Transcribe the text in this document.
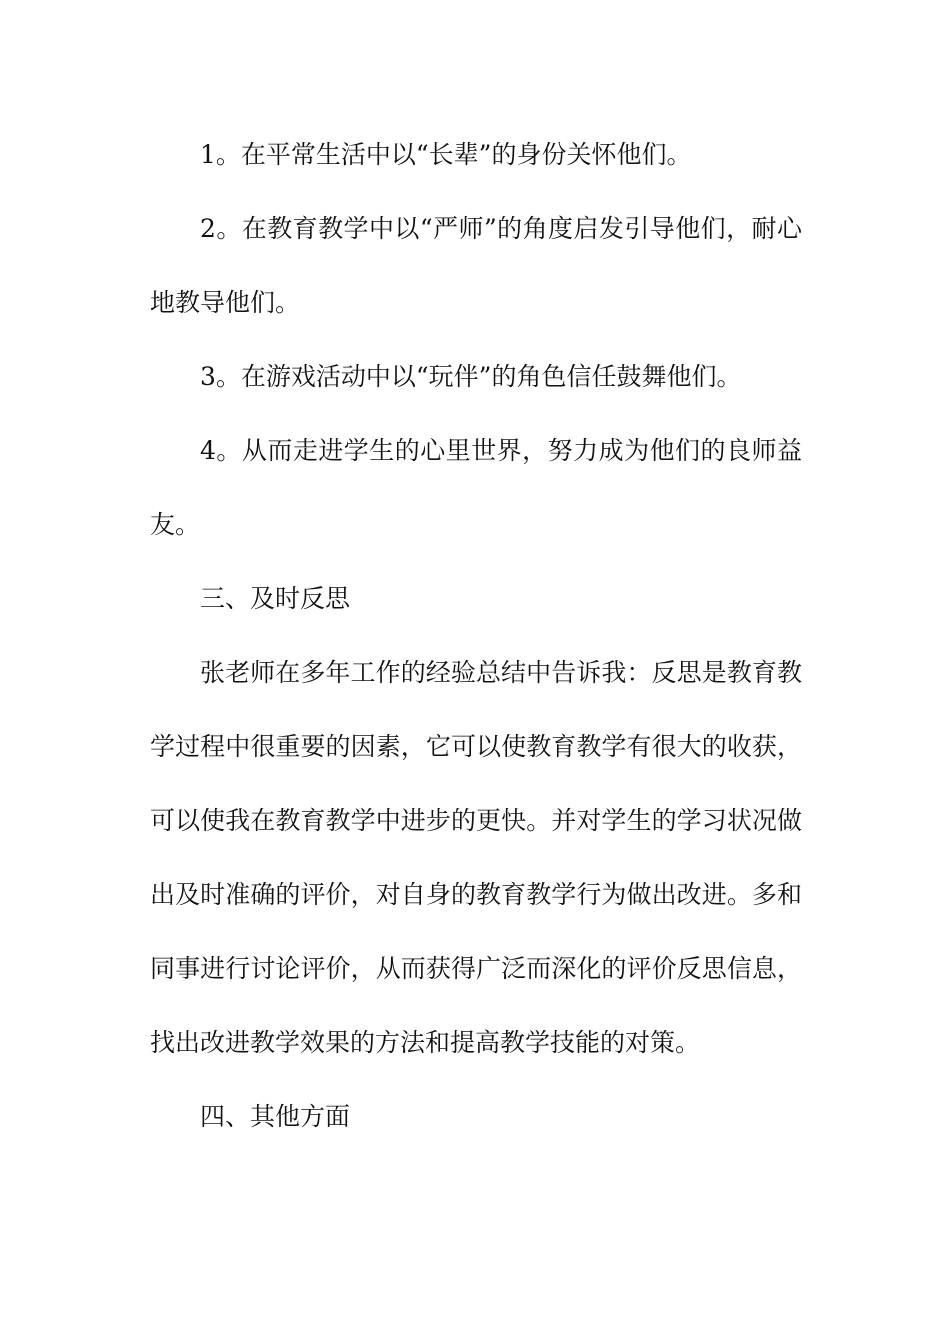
1。在平常生活中以“长辈”的身份关怀他们。

2。在教育教学中以“严师”的角度启发引导他们，耐心地教导他们。

3。在游戏活动中以“玩伴”的角色信任鼓舞他们。

4。从而走进学生的心里世界，努力成为他们的良师益友。

三、及时反思

张老师在多年工作的经验总结中告诉我：反思是教育教学过程中很重要的因素，它可以使教育教学有很大的收获，可以使我在教育教学中进步的更快。并对学生的学习状况做出及时准确的评价，对自身的教育教学行为做出改进。多和同事进行讨论评价，从而获得广泛而深化的评价反思信息，找出改进教学效果的方法和提高教学技能的对策。

四、其他方面
